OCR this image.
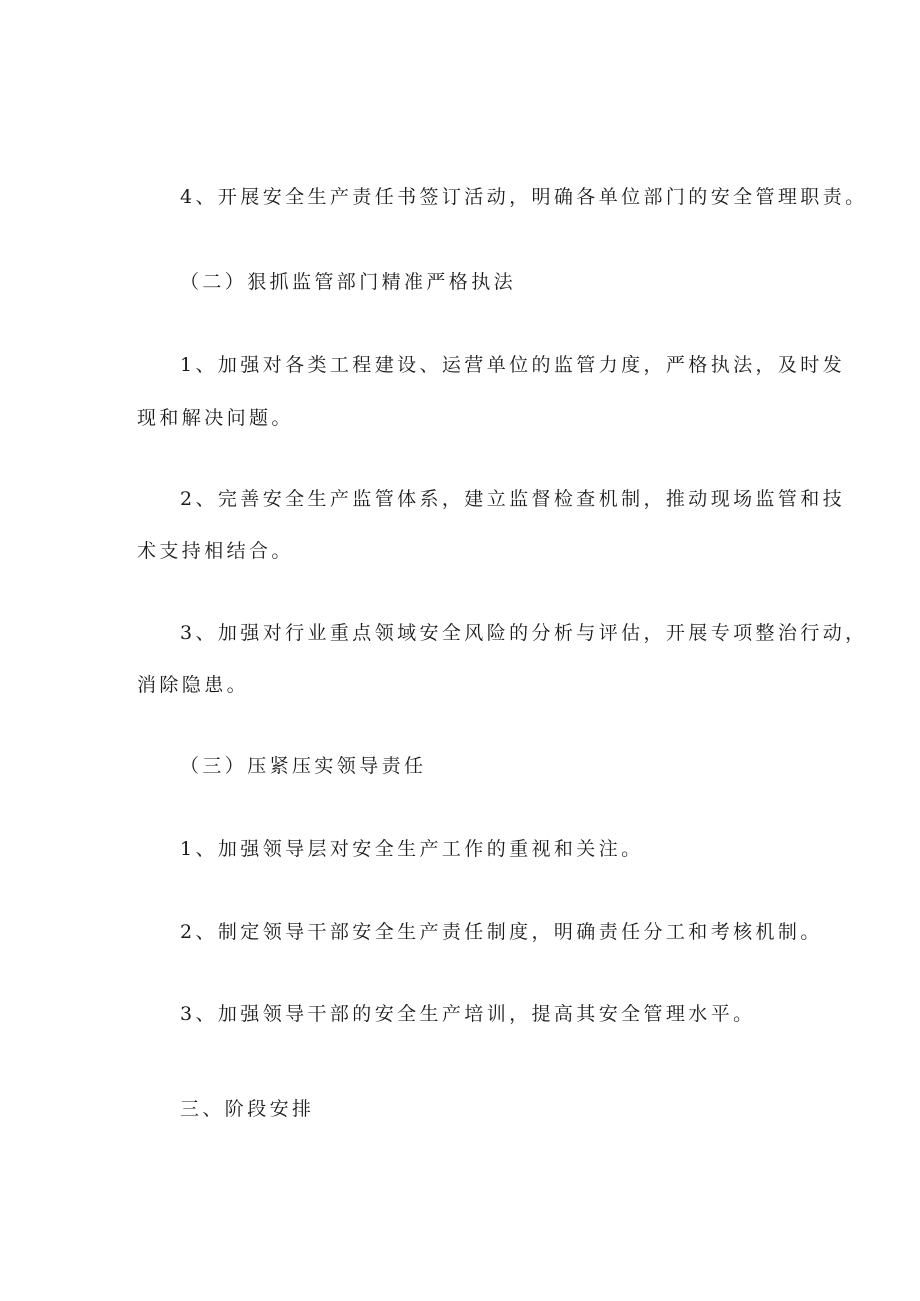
4、开展安全生产责任书签订活动，明确各单位部门的安全管理职责。

（二）狠抓监管部门精准严格执法

1、加强对各类工程建设、运营单位的监管力度，严格执法，及时发

现和解决问题。

2、完善安全生产监管体系，建立监督检查机制，推动现场监管和技

术支持相结合。

3、加强对行业重点领域安全风险的分析与评估，开展专项整治行动，

消除隐患。

（三）压紧压实领导责任

1、加强领导层对安全生产工作的重视和关注。

2、制定领导干部安全生产责任制度，明确责任分工和考核机制。

3、加强领导干部的安全生产培训，提高其安全管理水平。

三、阶段安排
